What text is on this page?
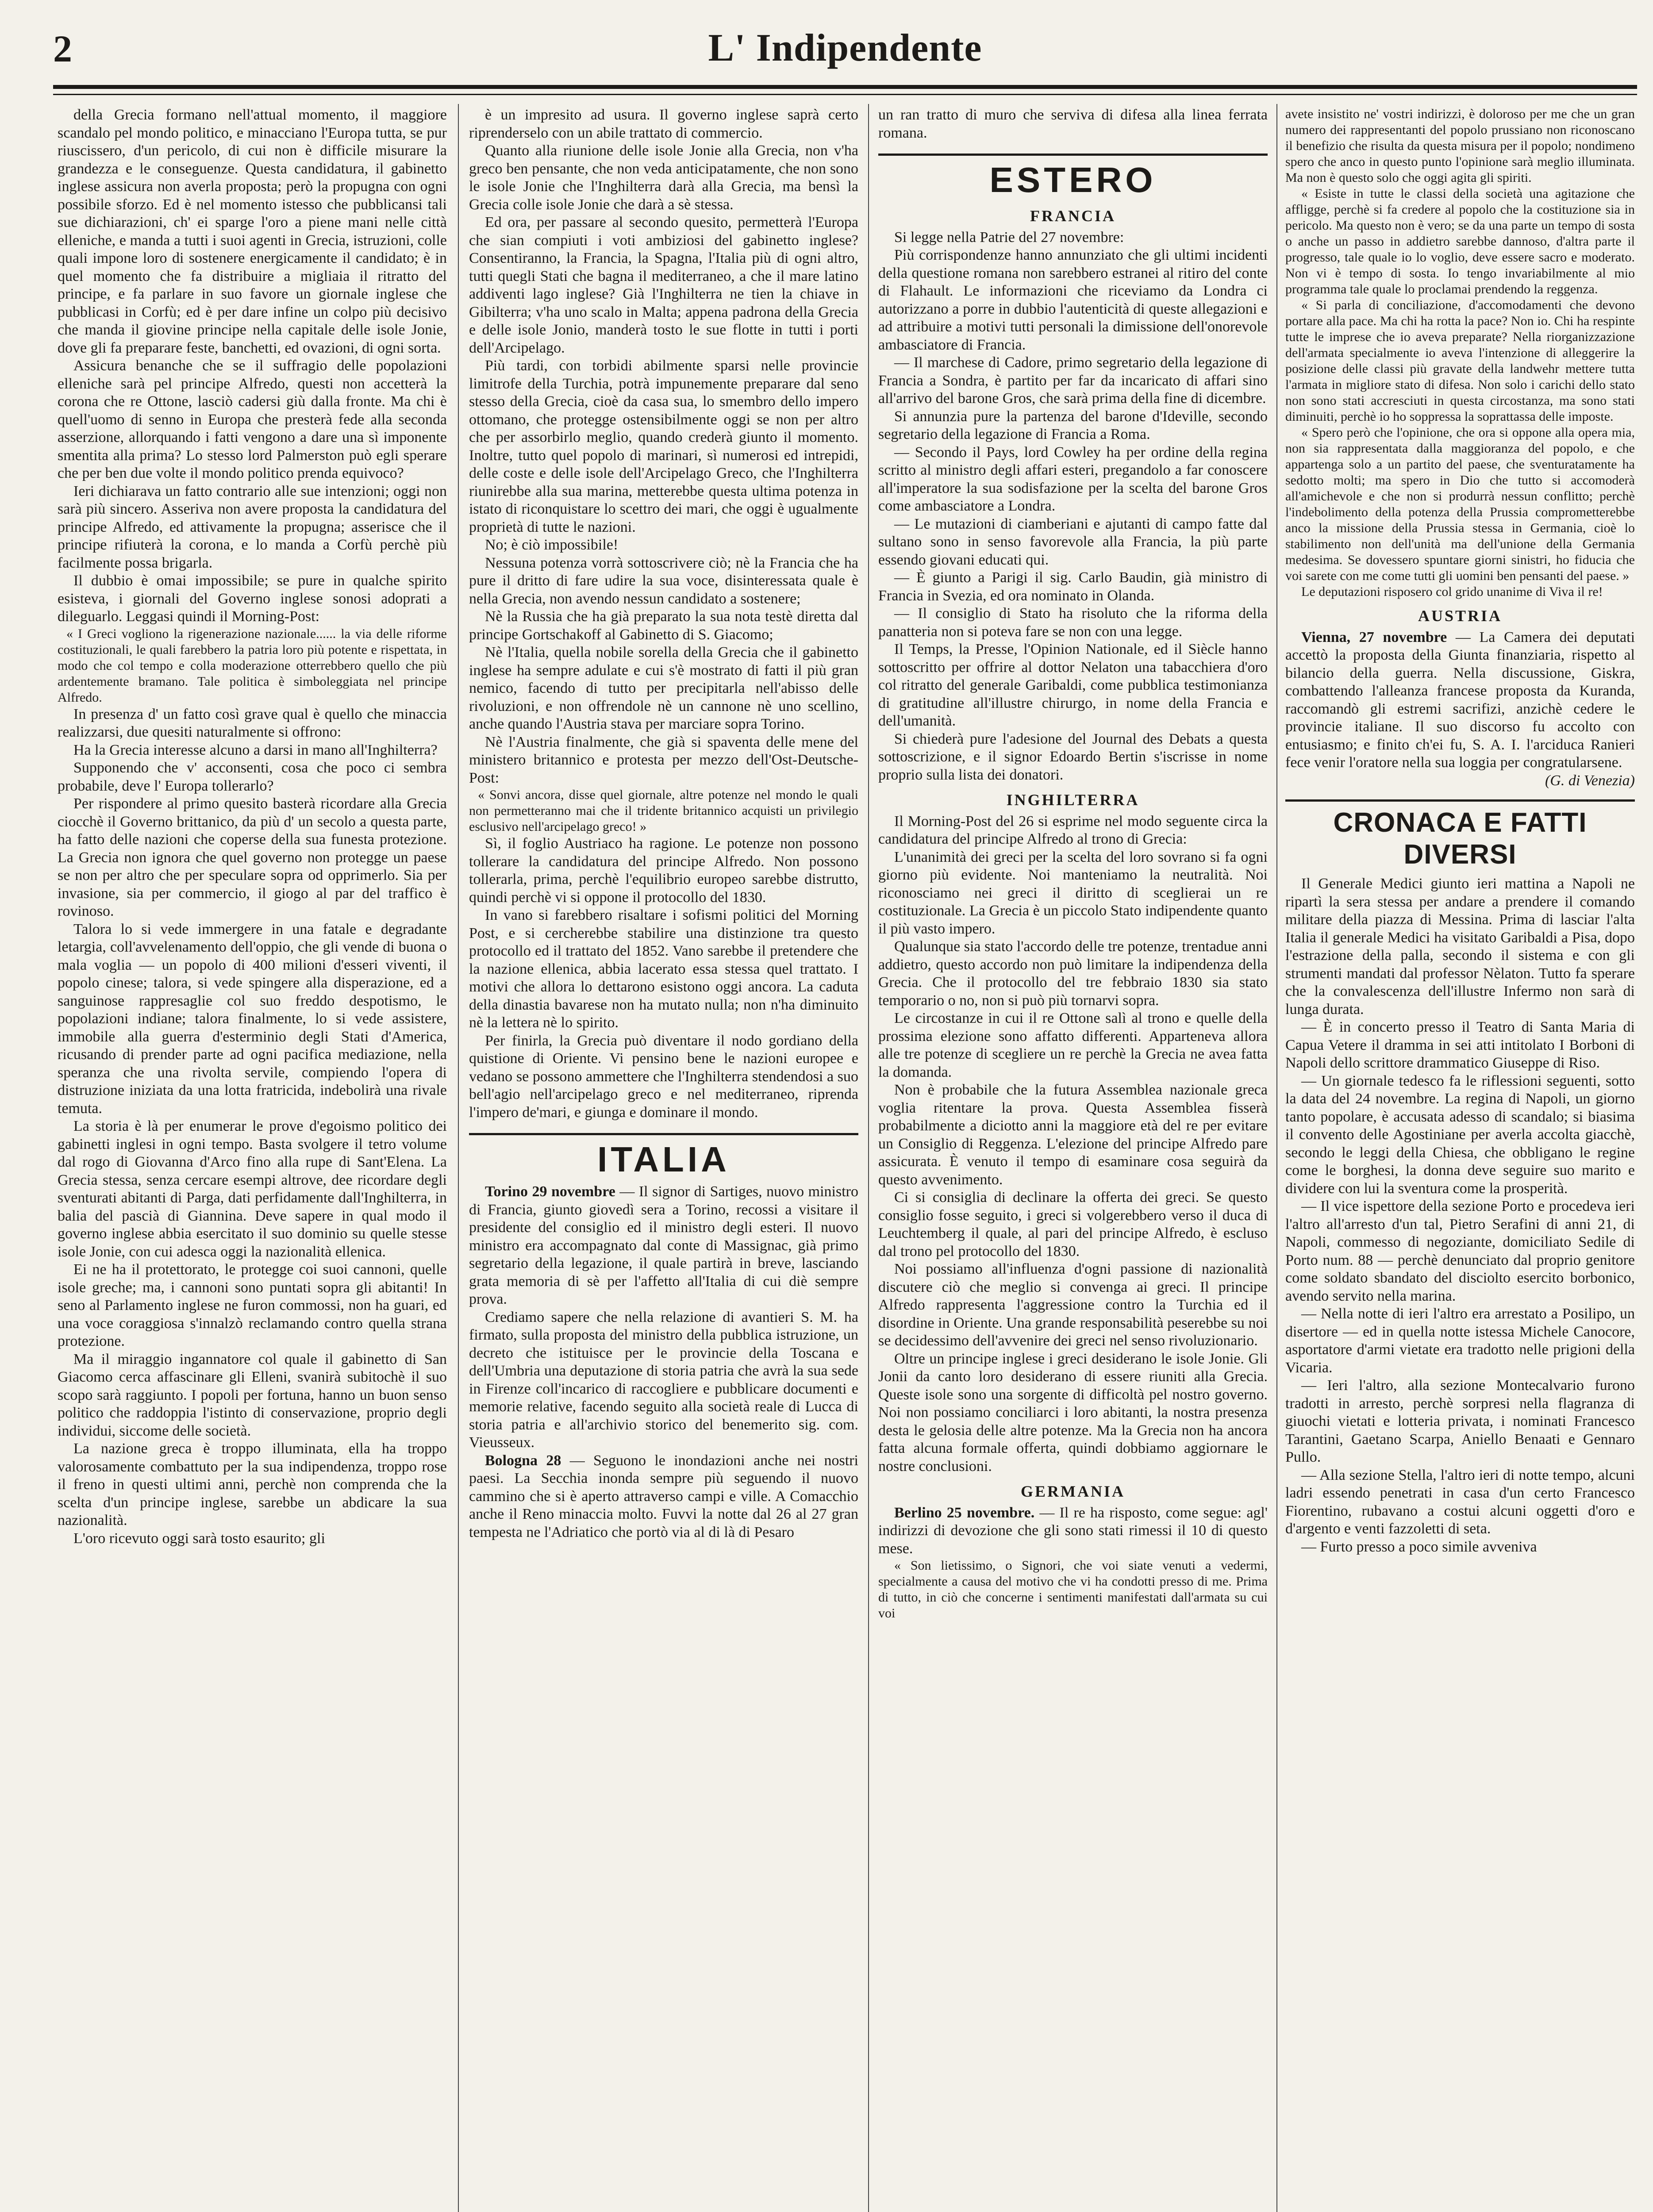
2	L' Indipendente

della Grecia formano nell'attual momento, il maggiore scandalo pel mondo politico, e minacciano l'Europa tutta, se pur riuscissero, d'un pericolo, di cui non è difficile misurare la grandezza e le conseguenze. Questa candidatura, il gabinetto inglese assicura non averla proposta; però la propugna con ogni possibile sforzo. Ed è nel momento istesso che pubblicansi tali sue dichiarazioni, ch' ei sparge l'oro a piene mani nelle città elleniche, e manda a tutti i suoi agenti in Grecia, istruzioni, colle quali impone loro di sostenere energicamente il candidato; è in quel momento che fa distribuire a migliaia il ritratto del principe, e fa parlare in suo favore un giornale inglese che pubblicasi in Corfù; ed è per dare infine un colpo più decisivo che manda il giovine principe nella capitale delle isole Jonie, dove gli fa preparare feste, banchetti, ed ovazioni, di ogni sorta.

Assicura benanche che se il suffragio delle popolazioni elleniche sarà pel principe Alfredo, questi non accetterà la corona che re Ottone, lasciò cadersi giù dalla fronte. Ma chi è quell'uomo di senno in Europa che presterà fede alla seconda asserzione, allorquando i fatti vengono a dare una sì imponente smentita alla prima? Lo stesso lord Palmerston può egli sperare che per ben due volte il mondo politico prenda equivoco?

Ieri dichiarava un fatto contrario alle sue intenzioni; oggi non sarà più sincero. Asseriva non avere proposta la candidatura del principe Alfredo, ed attivamente la propugna; asserisce che il principe rifiuterà la corona, e lo manda a Corfù perchè più facilmente possa brigarla.

Il dubbio è omai impossibile; se pure in qualche spirito esisteva, i giornali del Governo inglese sonosi adoprati a dileguarlo. Leggasi quindi il Morning-Post:

« I Greci vogliono la rigenerazione nazionale...... la via delle riforme costituzionali, le quali farebbero la patria loro più potente e rispettata, in modo che col tempo e colla moderazione otterrebbero quello che più ardentemente bramano. Tale politica è simboleggiata nel principe Alfredo.

In presenza d' un fatto così grave qual è quello che minaccia realizzarsi, due quesiti naturalmente si offrono:

Ha la Grecia interesse alcuno a darsi in mano all'Inghilterra?

Supponendo che v' acconsenti, cosa che poco ci sembra probabile, deve l' Europa tollerarlo?

Per rispondere al primo quesito basterà ricordare alla Grecia ciocchè il Governo brittanico, da più d' un secolo a questa parte, ha fatto delle nazioni che coperse della sua funesta protezione. La Grecia non ignora che quel governo non protegge un paese se non per altro che per speculare sopra od opprimerlo. Sia per invasione, sia per commercio, il giogo al par del traffico è rovinoso.

Talora lo si vede immergere in una fatale e degradante letargia, coll'avvelenamento dell'oppio, che gli vende di buona o mala voglia — un popolo di 400 milioni d'esseri viventi, il popolo cinese; talora, si vede spingere alla disperazione, ed a sanguinose rappresaglie col suo freddo despotismo, le popolazioni indiane; talora finalmente, lo si vede assistere, immobile alla guerra d'esterminio degli Stati d'America, ricusando di prender parte ad ogni pacifica mediazione, nella speranza che una rivolta servile, compiendo l'opera di distruzione iniziata da una lotta fratricida, indebolirà una rivale temuta.

La storia è là per enumerar le prove d'egoismo politico dei gabinetti inglesi in ogni tempo. Basta svolgere il tetro volume dal rogo di Giovanna d'Arco fino alla rupe di Sant'Elena. La Grecia stessa, senza cercare esempi altrove, dee ricordare degli sventurati abitanti di Parga, dati perfidamente dall'Inghilterra, in balia del pascià di Giannina. Deve sapere in qual modo il governo inglese abbia esercitato il suo dominio su quelle stesse isole Jonie, con cui adesca oggi la nazionalità ellenica.

Ei ne ha il protettorato, le protegge coi suoi cannoni, quelle isole greche; ma, i cannoni sono puntati sopra gli abitanti! In seno al Parlamento inglese ne furon commossi, non ha guari, ed una voce coraggiosa s'innalzò reclamando contro quella strana protezione.

Ma il miraggio ingannatore col quale il gabinetto di San Giacomo cerca affascinare gli Elleni, svanirà subitochè il suo scopo sarà raggiunto. I popoli per fortuna, hanno un buon senso politico che raddoppia l'istinto di conservazione, proprio degli individui, siccome delle società.

La nazione greca è troppo illuminata, ella ha troppo valorosamente combattuto per la sua indipendenza, troppo rose il freno in questi ultimi anni, perchè non comprenda che la scelta d'un principe inglese, sarebbe un abdicare la sua nazionalità.

L'oro ricevuto oggi sarà tosto esaurito; gli

è un impresito ad usura. Il governo inglese saprà certo riprenderselo con un abile trattato di commercio.

Quanto alla riunione delle isole Jonie alla Grecia, non v'ha greco ben pensante, che non veda anticipatamente, che non sono le isole Jonie che l'Inghilterra darà alla Grecia, ma bensì la Grecia colle isole Jonie che darà a sè stessa.

Ed ora, per passare al secondo quesito, permetterà l'Europa che sian compiuti i voti ambiziosi del gabinetto inglese? Consentiranno, la Francia, la Spagna, l'Italia più di ogni altro, tutti quegli Stati che bagna il mediterraneo, a che il mare latino addiventi lago inglese? Già l'Inghilterra ne tien la chiave in Gibilterra; v'ha uno scalo in Malta; appena padrona della Grecia e delle isole Jonio, manderà tosto le sue flotte in tutti i porti dell'Arcipelago.

Più tardi, con torbidi abilmente sparsi nelle provincie limitrofe della Turchia, potrà impunemente preparare dal seno stesso della Grecia, cioè da casa sua, lo smembro dello impero ottomano, che protegge ostensibilmente oggi se non per altro che per assorbirlo meglio, quando crederà giunto il momento. Inoltre, tutto quel popolo di marinari, sì numerosi ed intrepidi, delle coste e delle isole dell'Arcipelago Greco, che l'Inghilterra riunirebbe alla sua marina, metterebbe questa ultima potenza in istato di riconquistare lo scettro dei mari, che oggi è ugualmente proprietà di tutte le nazioni.

No; è ciò impossibile!

Nessuna potenza vorrà sottoscrivere ciò; nè la Francia che ha pure il dritto di fare udire la sua voce, disinteressata quale è nella Grecia, non avendo nessun candidato a sostenere;

Nè la Russia che ha già preparato la sua nota testè diretta dal principe Gortschakoff al Gabinetto di S. Giacomo;

Nè l'Italia, quella nobile sorella della Grecia che il gabinetto inglese ha sempre adulate e cui s'è mostrato di fatti il più gran nemico, facendo di tutto per precipitarla nell'abisso delle rivoluzioni, e non offrendole nè un cannone nè uno scellino, anche quando l'Austria stava per marciare sopra Torino.

Nè l'Austria finalmente, che già si spaventa delle mene del ministero britannico e protesta per mezzo dell'Ost-Deutsche-Post:

« Sonvi ancora, disse quel giornale, altre potenze nel mondo le quali non permetteranno mai che il tridente britannico acquisti un privilegio esclusivo nell'arcipelago greco! »

Sì, il foglio Austriaco ha ragione. Le potenze non possono tollerare la candidatura del principe Alfredo. Non possono tollerarla, prima, perchè l'equilibrio europeo sarebbe distrutto, quindi perchè vi si oppone il protocollo del 1830.

In vano si farebbero risaltare i sofismi politici del Morning Post, e si cercherebbe stabilire una distinzione tra questo protocollo ed il trattato del 1852. Vano sarebbe il pretendere che la nazione ellenica, abbia lacerato essa stessa quel trattato. I motivi che allora lo dettarono esistono oggi ancora. La caduta della dinastia bavarese non ha mutato nulla; non n'ha diminuito nè la lettera nè lo spirito.

Per finirla, la Grecia può diventare il nodo gordiano della quistione di Oriente. Vi pensino bene le nazioni europee e vedano se possono ammettere che l'Inghilterra stendendosi a suo bell'agio nell'arcipelago greco e nel mediterraneo, riprenda l'impero de'mari, e giunga e dominare il mondo.

ITALIA

Torino 29 novembre — Il signor di Sartiges, nuovo ministro di Francia, giunto giovedì sera a Torino, recossi a visitare il presidente del consiglio ed il ministro degli esteri. Il nuovo ministro era accompagnato dal conte di Massignac, già primo segretario della legazione, il quale partirà in breve, lasciando grata memoria di sè per l'affetto all'Italia di cui diè sempre prova.

Crediamo sapere che nella relazione di avantieri S. M. ha firmato, sulla proposta del ministro della pubblica istruzione, un decreto che istituisce per le provincie della Toscana e dell'Umbria una deputazione di storia patria che avrà la sua sede in Firenze coll'incarico di raccogliere e pubblicare documenti e memorie relative, facendo seguito alla società reale di Lucca di storia patria e all'archivio storico del benemerito sig. com. Vieusseux.

Bologna 28 — Seguono le inondazioni anche nei nostri paesi. La Secchia inonda sempre più seguendo il nuovo cammino che si è aperto attraverso campi e ville. A Comacchio anche il Reno minaccia molto. Fuvvi la notte dal 26 al 27 gran tempesta ne l'Adriatico che portò via al di là di Pesaro

un ran tratto di muro che serviva di difesa alla linea ferrata romana.

ESTERO
FRANCIA

Si legge nella Patrie del 27 novembre:

Più corrispondenze hanno annunziato che gli ultimi incidenti della questione romana non sarebbero estranei al ritiro del conte di Flahault. Le informazioni che riceviamo da Londra ci autorizzano a porre in dubbio l'autenticità di queste allegazioni e ad attribuire a motivi tutti personali la dimissione dell'onorevole ambasciatore di Francia.

— Il marchese di Cadore, primo segretario della legazione di Francia a Sondra, è partito per far da incaricato di affari sino all'arrivo del barone Gros, che sarà prima della fine di dicembre.

Si annunzia pure la partenza del barone d'Ideville, secondo segretario della legazione di Francia a Roma.

— Secondo il Pays, lord Cowley ha per ordine della regina scritto al ministro degli affari esteri, pregandolo a far conoscere all'imperatore la sua sodisfazione per la scelta del barone Gros come ambasciatore a Londra.

— Le mutazioni di ciamberiani e ajutanti di campo fatte dal sultano sono in senso favorevole alla Francia, la più parte essendo giovani educati qui.

— È giunto a Parigi il sig. Carlo Baudin, già ministro di Francia in Svezia, ed ora nominato in Olanda.

— Il consiglio di Stato ha risoluto che la riforma della panatteria non si poteva fare se non con una legge.

Il Temps, la Presse, l'Opinion Nationale, ed il Siècle hanno sottoscritto per offrire al dottor Nelaton una tabacchiera d'oro col ritratto del generale Garibaldi, come pubblica testimonianza di gratitudine all'illustre chirurgo, in nome della Francia e dell'umanità.

Si chiederà pure l'adesione del Journal des Debats a questa sottoscrizione, e il signor Edoardo Bertin s'iscrisse in nome proprio sulla lista dei donatori.

INGHILTERRA

Il Morning-Post del 26 si esprime nel modo seguente circa la candidatura del principe Alfredo al trono di Grecia:

L'unanimità dei greci per la scelta del loro sovrano si fa ogni giorno più evidente. Noi manteniamo la neutralità. Noi riconosciamo nei greci il diritto di sceglierai un re costituzionale. La Grecia è un piccolo Stato indipendente quanto il più vasto impero.

Qualunque sia stato l'accordo delle tre potenze, trentadue anni addietro, questo accordo non può limitare la indipendenza della Grecia. Che il protocollo del tre febbraio 1830 sia stato temporario o no, non si può più tornarvi sopra.

Le circostanze in cui il re Ottone salì al trono e quelle della prossima elezione sono affatto differenti. Apparteneva allora alle tre potenze di scegliere un re perchè la Grecia ne avea fatta la domanda.

Non è probabile che la futura Assemblea nazionale greca voglia ritentare la prova. Questa Assemblea fisserà probabilmente a diciotto anni la maggiore età del re per evitare un Consiglio di Reggenza. L'elezione del principe Alfredo pare assicurata. È venuto il tempo di esaminare cosa seguirà da questo avvenimento.

Ci si consiglia di declinare la offerta dei greci. Se questo consiglio fosse seguito, i greci si volgerebbero verso il duca di Leuchtemberg il quale, al pari del principe Alfredo, è escluso dal trono pel protocollo del 1830.

Noi possiamo all'influenza d'ogni passione di nazionalità discutere ciò che meglio si convenga ai greci. Il principe Alfredo rappresenta l'aggressione contro la Turchia ed il disordine in Oriente. Una grande responsabilità peserebbe su noi se decidessimo dell'avvenire dei greci nel senso rivoluzionario.

Oltre un principe inglese i greci desiderano le isole Jonie. Gli Jonii da canto loro desiderano di essere riuniti alla Grecia. Queste isole sono una sorgente di difficoltà pel nostro governo. Noi non possiamo conciliarci i loro abitanti, la nostra presenza desta le gelosia delle altre potenze. Ma la Grecia non ha ancora fatta alcuna formale offerta, quindi dobbiamo aggiornare le nostre conclusioni.

GERMANIA

Berlino 25 novembre. — Il re ha risposto, come segue: agl' indirizzi di devozione che gli sono stati rimessi il 10 di questo mese.

« Son lietissimo, o Signori, che voi siate venuti a vedermi, specialmente a causa del motivo che vi ha condotti presso di me. Prima di tutto, in ciò che concerne i sentimenti manifestati dall'armata su cui voi

avete insistito ne' vostri indirizzi, è doloroso per me che un gran numero dei rappresentanti del popolo prussiano non riconoscano il benefizio che risulta da questa misura per il popolo; nondimeno spero che anco in questo punto l'opinione sarà meglio illuminata. Ma non è questo solo che oggi agita gli spiriti.

« Esiste in tutte le classi della società una agitazione che affligge, perchè si fa credere al popolo che la costituzione sia in pericolo. Ma questo non è vero; se da una parte un tempo di sosta o anche un passo in addietro sarebbe dannoso, d'altra parte il progresso, tale quale io lo voglio, deve essere sacro e moderato. Non vi è tempo di sosta. Io tengo invariabilmente al mio programma tale quale lo proclamai prendendo la reggenza.

« Si parla di conciliazione, d'accomodamenti che devono portare alla pace. Ma chi ha rotta la pace? Non io. Chi ha respinte tutte le imprese che io aveva preparate? Nella riorganizzazione dell'armata specialmente io aveva l'intenzione di alleggerire la posizione delle classi più gravate della landwehr mettere tutta l'armata in migliore stato di difesa. Non solo i carichi dello stato non sono stati accresciuti in questa circostanza, ma sono stati diminuiti, perchè io ho soppressa la soprattassa delle imposte.

« Spero però che l'opinione, che ora si oppone alla opera mia, non sia rappresentata dalla maggioranza del popolo, e che appartenga solo a un partito del paese, che sventuratamente ha sedotto molti; ma spero in Dio che tutto si accomoderà all'amichevole e che non si produrrà nessun conflitto; perchè l'indebolimento della potenza della Prussia comprometterebbe anco la missione della Prussia stessa in Germania, cioè lo stabilimento non dell'unità ma dell'unione della Germania medesima. Se dovessero spuntare giorni sinistri, ho fiducia che voi sarete con me come tutti gli uomini ben pensanti del paese. »

Le deputazioni risposero col grido unanime di Viva il re!

AUSTRIA

Vienna, 27 novembre — La Camera dei deputati accettò la proposta della Giunta finanziaria, rispetto al bilancio della guerra. Nella discussione, Giskra, combattendo l'alleanza francese proposta da Kuranda, raccomandò gli estremi sacrifizi, anzichè cedere le provincie italiane. Il suo discorso fu accolto con entusiasmo; e finito ch'ei fu, S. A. I. l'arciduca Ranieri fece venir l'oratore nella sua loggia per congratularsene.

(G. di Venezia)

CRONACA E FATTI DIVERSI

Il Generale Medici giunto ieri mattina a Napoli ne ripartì la sera stessa per andare a prendere il comando militare della piazza di Messina. Prima di lasciar l'alta Italia il generale Medici ha visitato Garibaldi a Pisa, dopo l'estrazione della palla, secondo il sistema e con gli strumenti mandati dal professor Nèlaton. Tutto fa sperare che la convalescenza dell'illustre Infermo non sarà di lunga durata.

— È in concerto presso il Teatro di Santa Maria di Capua Vetere il dramma in sei atti intitolato I Borboni di Napoli dello scrittore drammatico Giuseppe di Riso.

— Un giornale tedesco fa le riflessioni seguenti, sotto la data del 24 novembre. La regina di Napoli, un giorno tanto popolare, è accusata adesso di scandalo; si biasima il convento delle Agostiniane per averla accolta giacchè, secondo le leggi della Chiesa, che obbligano le regine come le borghesi, la donna deve seguire suo marito e dividere con lui la sventura come la prosperità.

— Il vice ispettore della sezione Porto e procedeva ieri l'altro all'arresto d'un tal, Pietro Serafini di anni 21, di Napoli, commesso di negoziante, domiciliato Sedile di Porto num. 88 — perchè denunciato dal proprio genitore come soldato sbandato del disciolto esercito borbonico, avendo servito nella marina.

— Nella notte di ieri l'altro era arrestato a Posilipo, un disertore — ed in quella notte istessa Michele Canocore, asportatore d'armi vietate era tradotto nelle prigioni della Vicaria.

— Ieri l'altro, alla sezione Montecalvario furono tradotti in arresto, perchè sorpresi nella flagranza di giuochi vietati e lotteria privata, i nominati Francesco Tarantini, Gaetano Scarpa, Aniello Benaati e Gennaro Pullo.

— Alla sezione Stella, l'altro ieri di notte tempo, alcuni ladri essendo penetrati in casa d'un certo Francesco Fiorentino, rubavano a costui alcuni oggetti d'oro e d'argento e venti fazzoletti di seta.

— Furto presso a poco simile avveniva
